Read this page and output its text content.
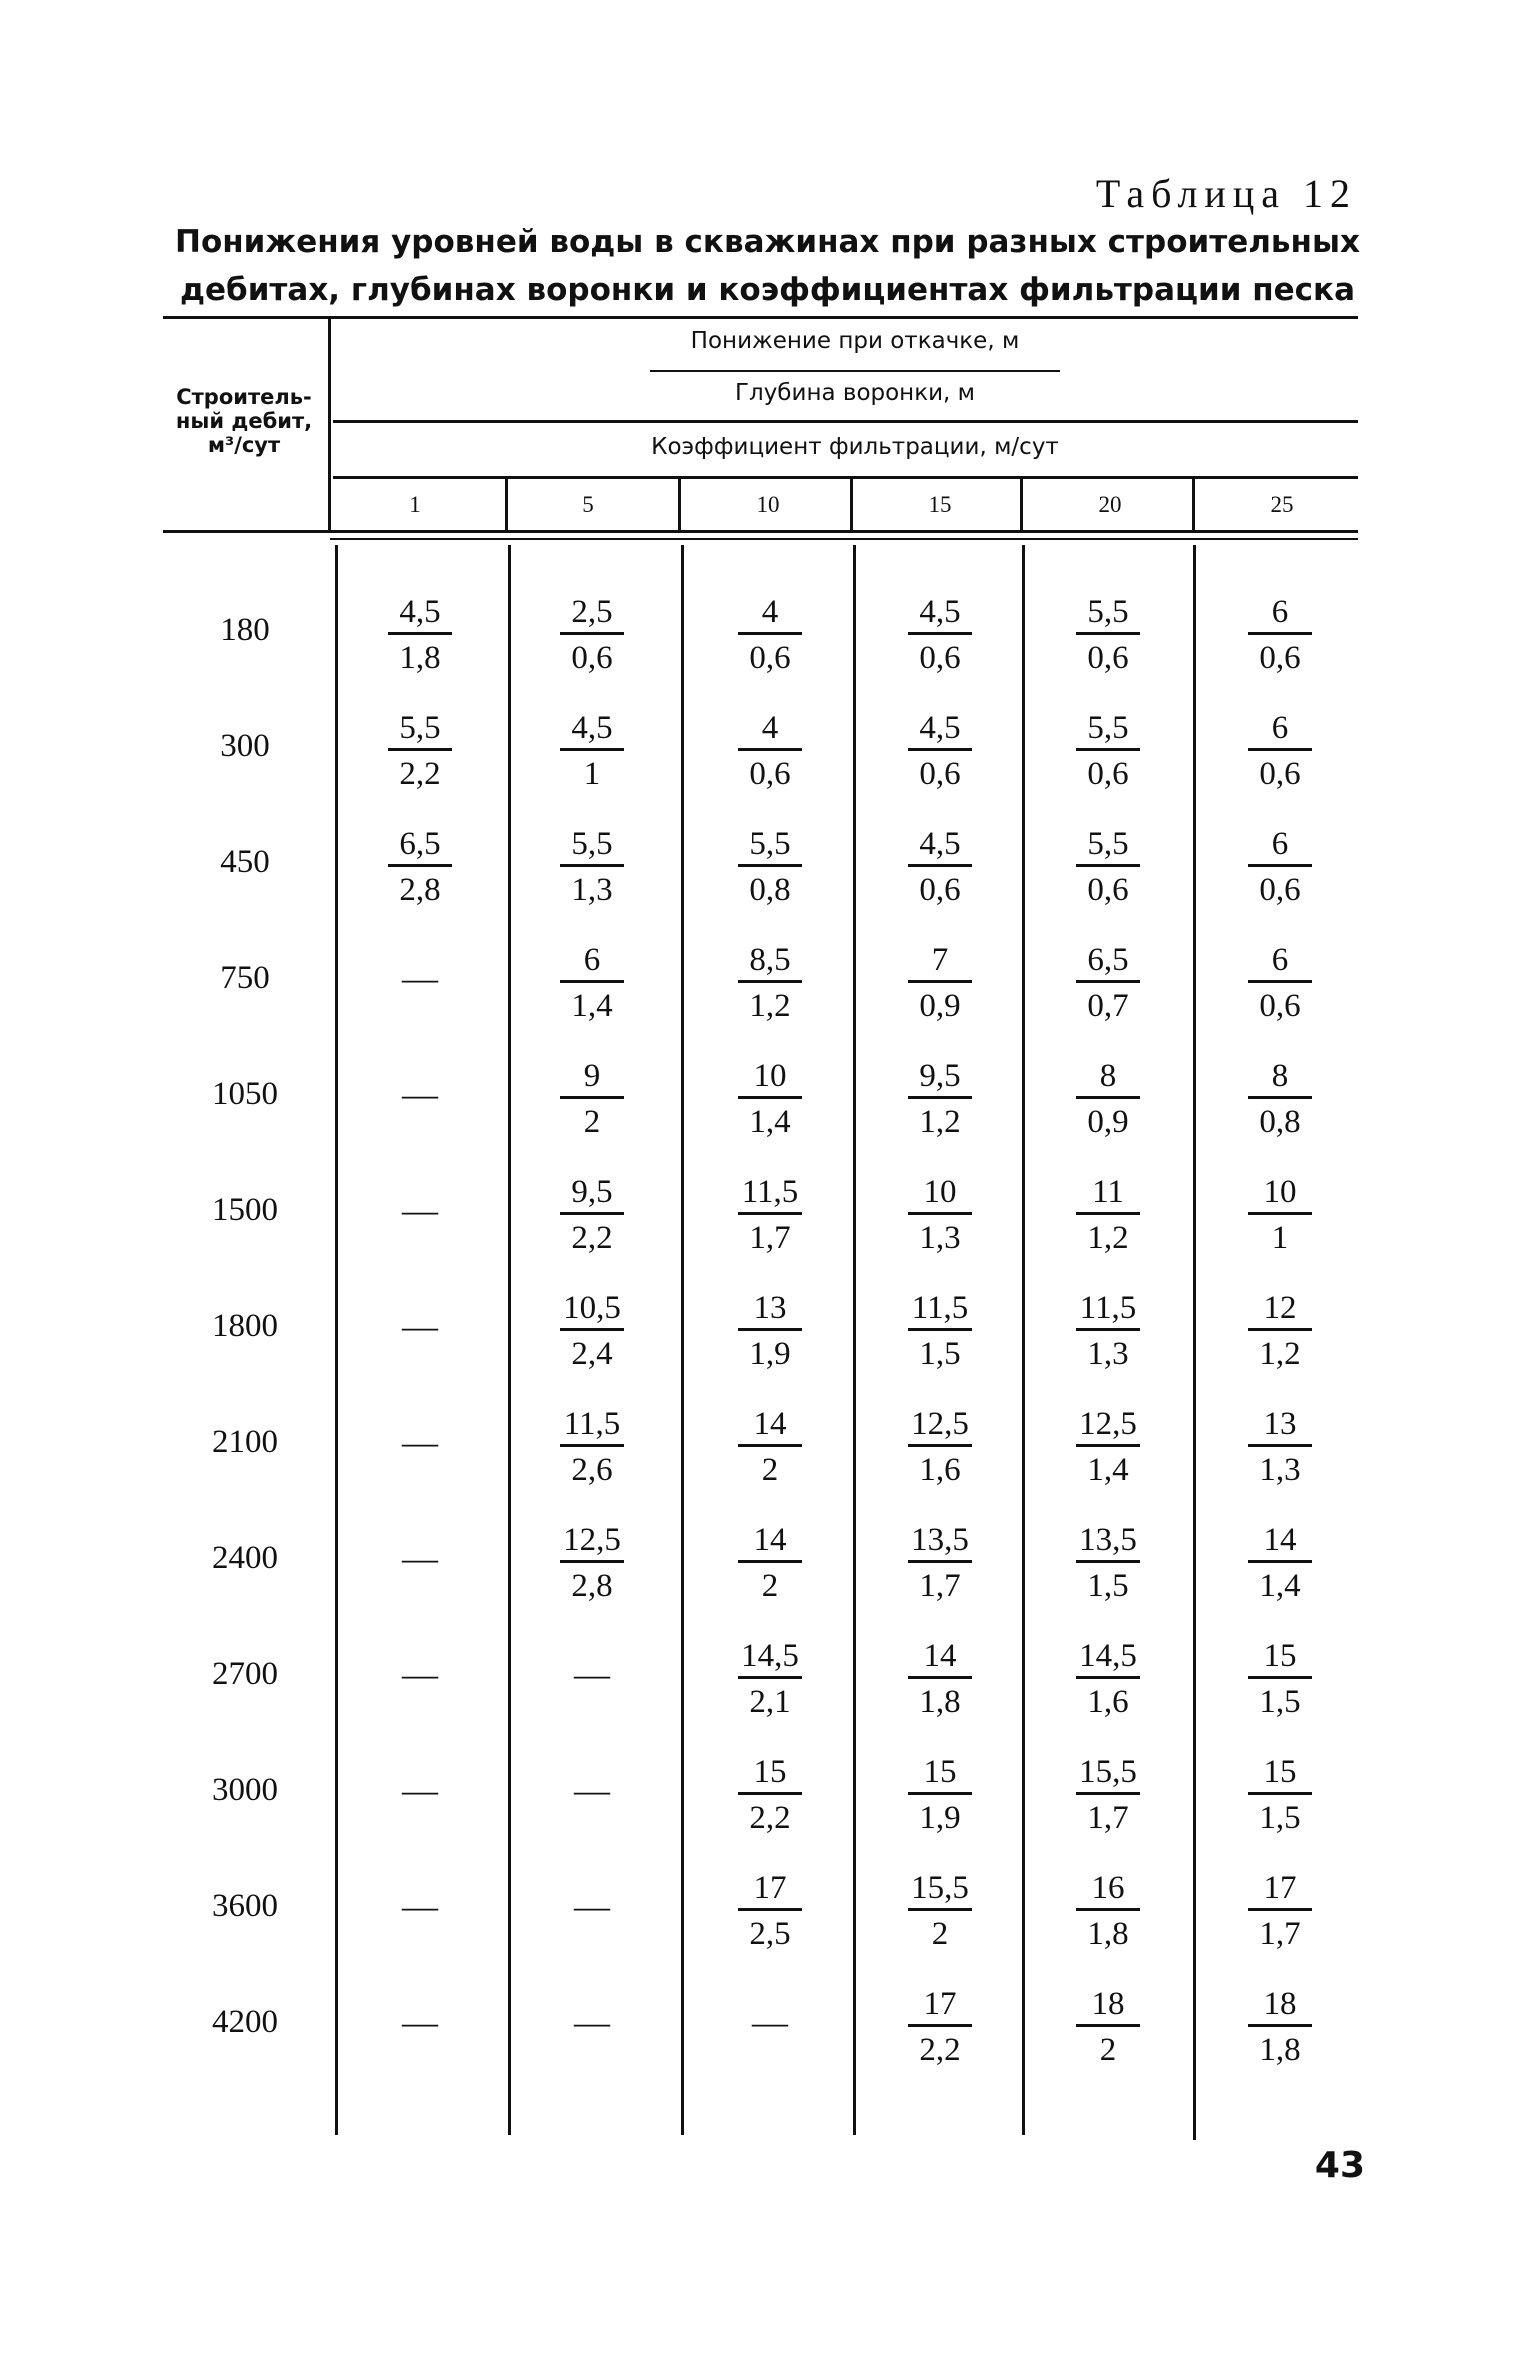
Таблица 12
Понижения уровней воды в скважинах при разных строительных дебитах, глубинах воронки и коэффициентах фильтрации песка
Строитель-
ный дебит,
м³/сут
Понижение при откачке, м
Глубина воронки, м
Коэффициент фильтрации, м/сут
1	5	10	15	20	25
180	$\frac{4,5}{1,8} \frac{2,5}{0,6} \frac{4}{0,6} \frac{4,5}{0,6} \frac{5,5}{0,6} \frac{6}{0,6}$
300	$\frac{5,5}{2,2} \frac{4,5}{1} \frac{4}{0,6} \frac{4,5}{0,6} \frac{5,5}{0,6} \frac{6}{0,6}$
450	$\frac{6,5}{2,8} \frac{5,5}{1,3} \frac{5,5}{0,8} \frac{4,5}{0,6} \frac{5,5}{0,6} \frac{6}{0,6}$
750	—	$\frac{6}{1,4} \frac{8,5}{1,2} \frac{7}{0,9} \frac{6,5}{0,7} \frac{6}{0,6}$
1050	—	$\frac{9}{2} \frac{10}{1,4} \frac{9,5}{1,2} \frac{8}{0,9} \frac{8}{0,8}$
1500	—	$\frac{9,5}{2,2} \frac{11,5}{1,7} \frac{10}{1,3} \frac{11}{1,2} \frac{10}{1}$
1800	—	$\frac{10,5}{2,4} \frac{13}{1,9} \frac{11,5}{1,5} \frac{11,5}{1,3} \frac{12}{1,2}$
2100	—	$\frac{11,5}{2,6} \frac{14}{2} \frac{12,5}{1,6} \frac{12,5}{1,4} \frac{13}{1,3}$
2400	—	$\frac{12,5}{2,8} \frac{14}{2} \frac{13,5}{1,7} \frac{13,5}{1,5} \frac{14}{1,4}$
2700	—	—	$\frac{14,5}{2,1} \frac{14}{1,8} \frac{14,5}{1,6} \frac{15}{1,5}$
3000	—	—	$\frac{15}{2,2} \frac{15}{1,9} \frac{15,5}{1,7} \frac{15}{1,5}$
3600	—	—	$\frac{17}{2,5} \frac{15,5}{2} \frac{16}{1,8} \frac{17}{1,7}$
4200	—	—	—	$\frac{17}{2,2} \frac{18}{2} \frac{18}{1,8}$
43
